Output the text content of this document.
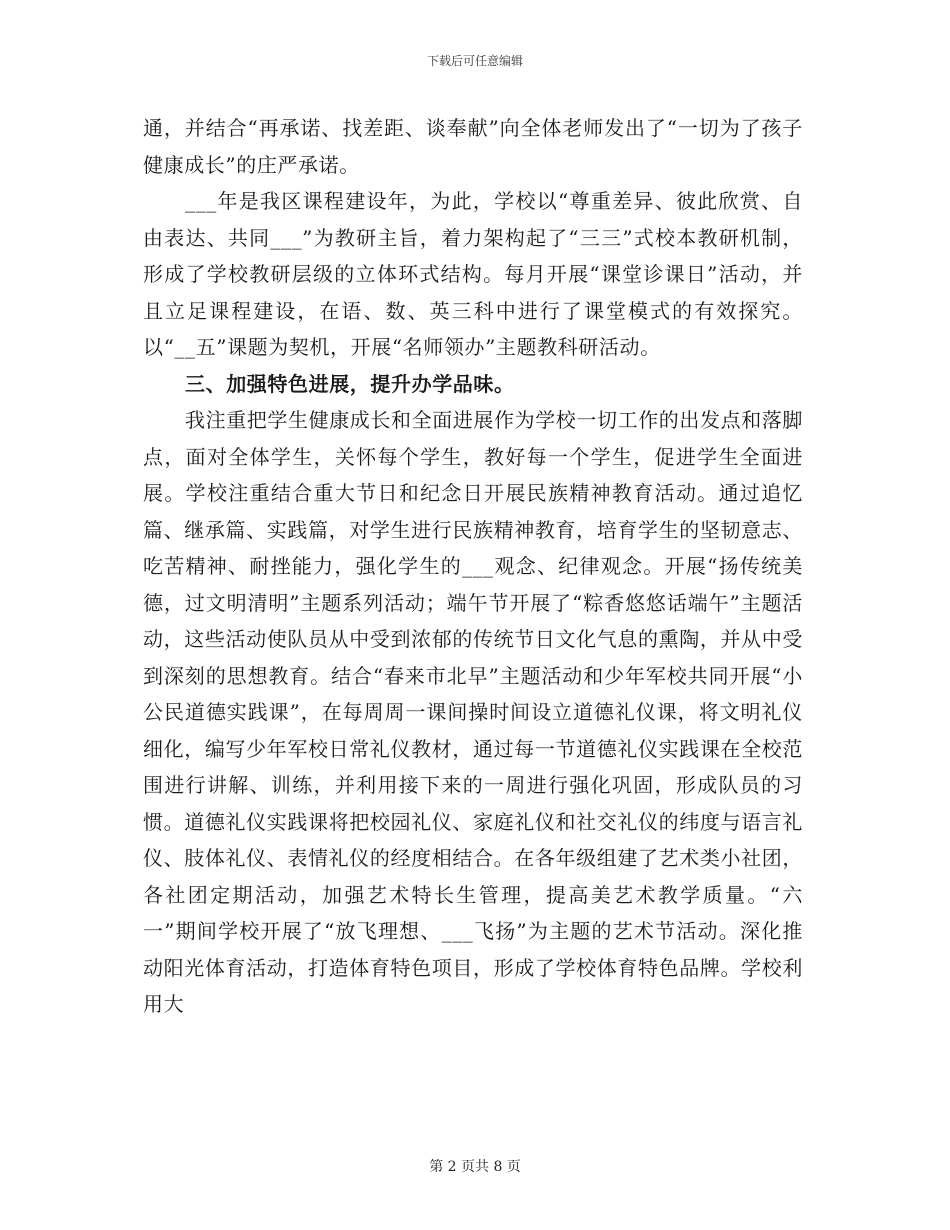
下载后可任意编辑

通，并结合“再承诺、找差距、谈奉献”向全体老师发出了“一切为了孩子健康成长”的庄严承诺。

___年是我区课程建设年，为此，学校以“尊重差异、彼此欣赏、自由表达、共同___”为教研主旨，着力架构起了“三三”式校本教研机制，形成了学校教研层级的立体环式结构。每月开展“课堂诊课日”活动，并且立足课程建设，在语、数、英三科中进行了课堂模式的有效探究。以“__五”课题为契机，开展“名师领办”主题教科研活动。

三、加强特色进展，提升办学品味。

我注重把学生健康成长和全面进展作为学校一切工作的出发点和落脚点，面对全体学生，关怀每个学生，教好每一个学生，促进学生全面进展。学校注重结合重大节日和纪念日开展民族精神教育活动。通过追忆篇、继承篇、实践篇，对学生进行民族精神教育，培育学生的坚韧意志、吃苦精神、耐挫能力，强化学生的___观念、纪律观念。开展“扬传统美德，过文明清明”主题系列活动；端午节开展了“粽香悠悠话端午”主题活动，这些活动使队员从中受到浓郁的传统节日文化气息的熏陶，并从中受到深刻的思想教育。结合“春来市北早”主题活动和少年军校共同开展“小公民道德实践课”，在每周周一课间操时间设立道德礼仪课，将文明礼仪细化，编写少年军校日常礼仪教材，通过每一节道德礼仪实践课在全校范围进行讲解、训练，并利用接下来的一周进行强化巩固，形成队员的习惯。道德礼仪实践课将把校园礼仪、家庭礼仪和社交礼仪的纬度与语言礼仪、肢体礼仪、表情礼仪的经度相结合。在各年级组建了艺术类小社团，各社团定期活动，加强艺术特长生管理，提高美艺术教学质量。“六一”期间学校开展了“放飞理想、___飞扬”为主题的艺术节活动。深化推动阳光体育活动，打造体育特色项目，形成了学校体育特色品牌。学校利用大

第 2 页共 8 页
